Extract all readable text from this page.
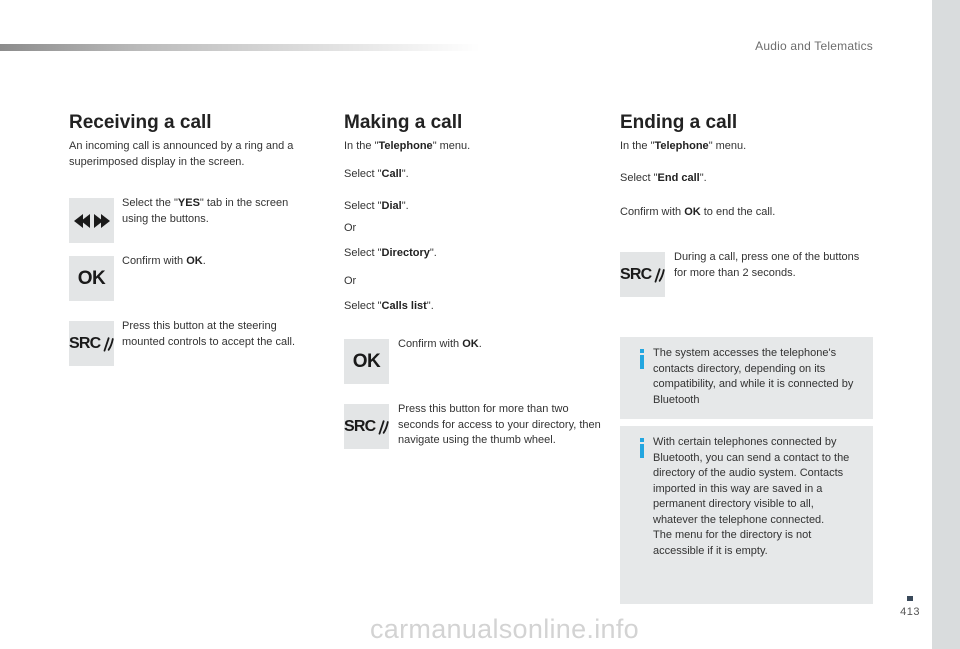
Audio and Telematics
Receiving a call
An incoming call is announced by a ring and a superimposed display in the screen.
Select the "YES" tab in the screen using the buttons.
OK
Confirm with OK.
SRC
Press this button at the steering mounted controls to accept the call.
Making a call
In the "Telephone" menu.
Select "Call".
Select "Dial".
Or
Select "Directory".
Or
Select "Calls list".
OK
Confirm with OK.
SRC
Press this button for more than two seconds for access to your directory, then navigate using the thumb wheel.
Ending a call
In the "Telephone" menu.
Select "End call".
Confirm with OK to end the call.
SRC
During a call, press one of the buttons for more than 2 seconds.
The system accesses the telephone's contacts directory, depending on its compatibility, and while it is connected by Bluetooth
With certain telephones connected by Bluetooth, you can send a contact to the directory of the audio system. Contacts imported in this way are saved in a permanent directory visible to all, whatever the telephone connected.
The menu for the directory is not accessible if it is empty.
413
carmanualsonline.info
